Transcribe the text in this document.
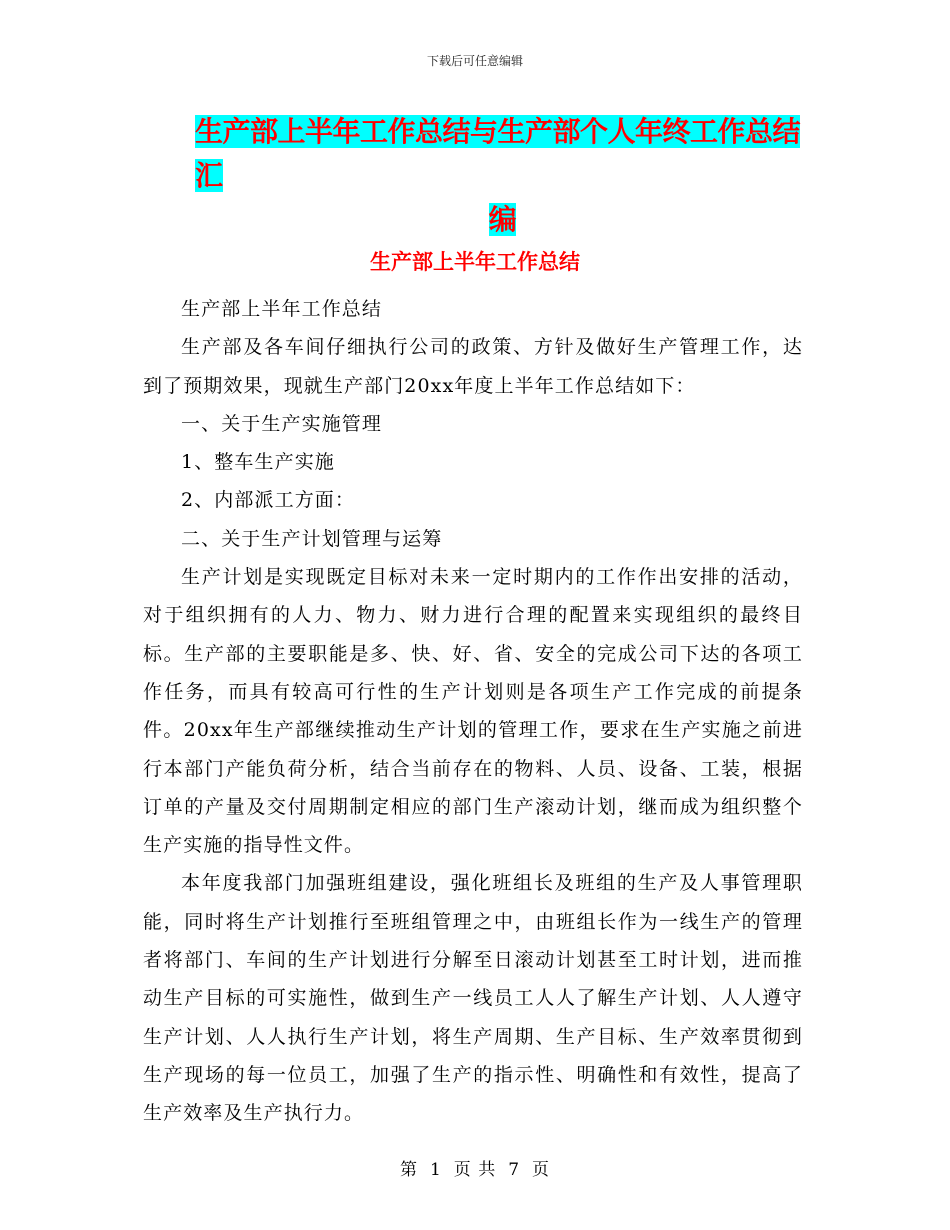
下载后可任意编辑
生产部上半年工作总结与生产部个人年终工作总结汇
编
生产部上半年工作总结

生产部上半年工作总结

生产部及各车间仔细执行公司的政策、方针及做好生产管理工作，达到了预期效果，现就生产部门20xx年度上半年工作总结如下：

一、关于生产实施管理

1、整车生产实施

2、内部派工方面：

二、关于生产计划管理与运筹

生产计划是实现既定目标对未来一定时期内的工作作出安排的活动，对于组织拥有的人力、物力、财力进行合理的配置来实现组织的最终目标。生产部的主要职能是多、快、好、省、安全的完成公司下达的各项工作任务，而具有较高可行性的生产计划则是各项生产工作完成的前提条件。20xx年生产部继续推动生产计划的管理工作，要求在生产实施之前进行本部门产能负荷分析，结合当前存在的物料、人员、设备、工装，根据订单的产量及交付周期制定相应的部门生产滚动计划，继而成为组织整个生产实施的指导性文件。

本年度我部门加强班组建设，强化班组长及班组的生产及人事管理职能，同时将生产计划推行至班组管理之中，由班组长作为一线生产的管理者将部门、车间的生产计划进行分解至日滚动计划甚至工时计划，进而推动生产目标的可实施性，做到生产一线员工人人了解生产计划、人人遵守生产计划、人人执行生产计划，将生产周期、生产目标、生产效率贯彻到生产现场的每一位员工，加强了生产的指示性、明确性和有效性，提高了生产效率及生产执行力。

第 1 页 共 7 页
